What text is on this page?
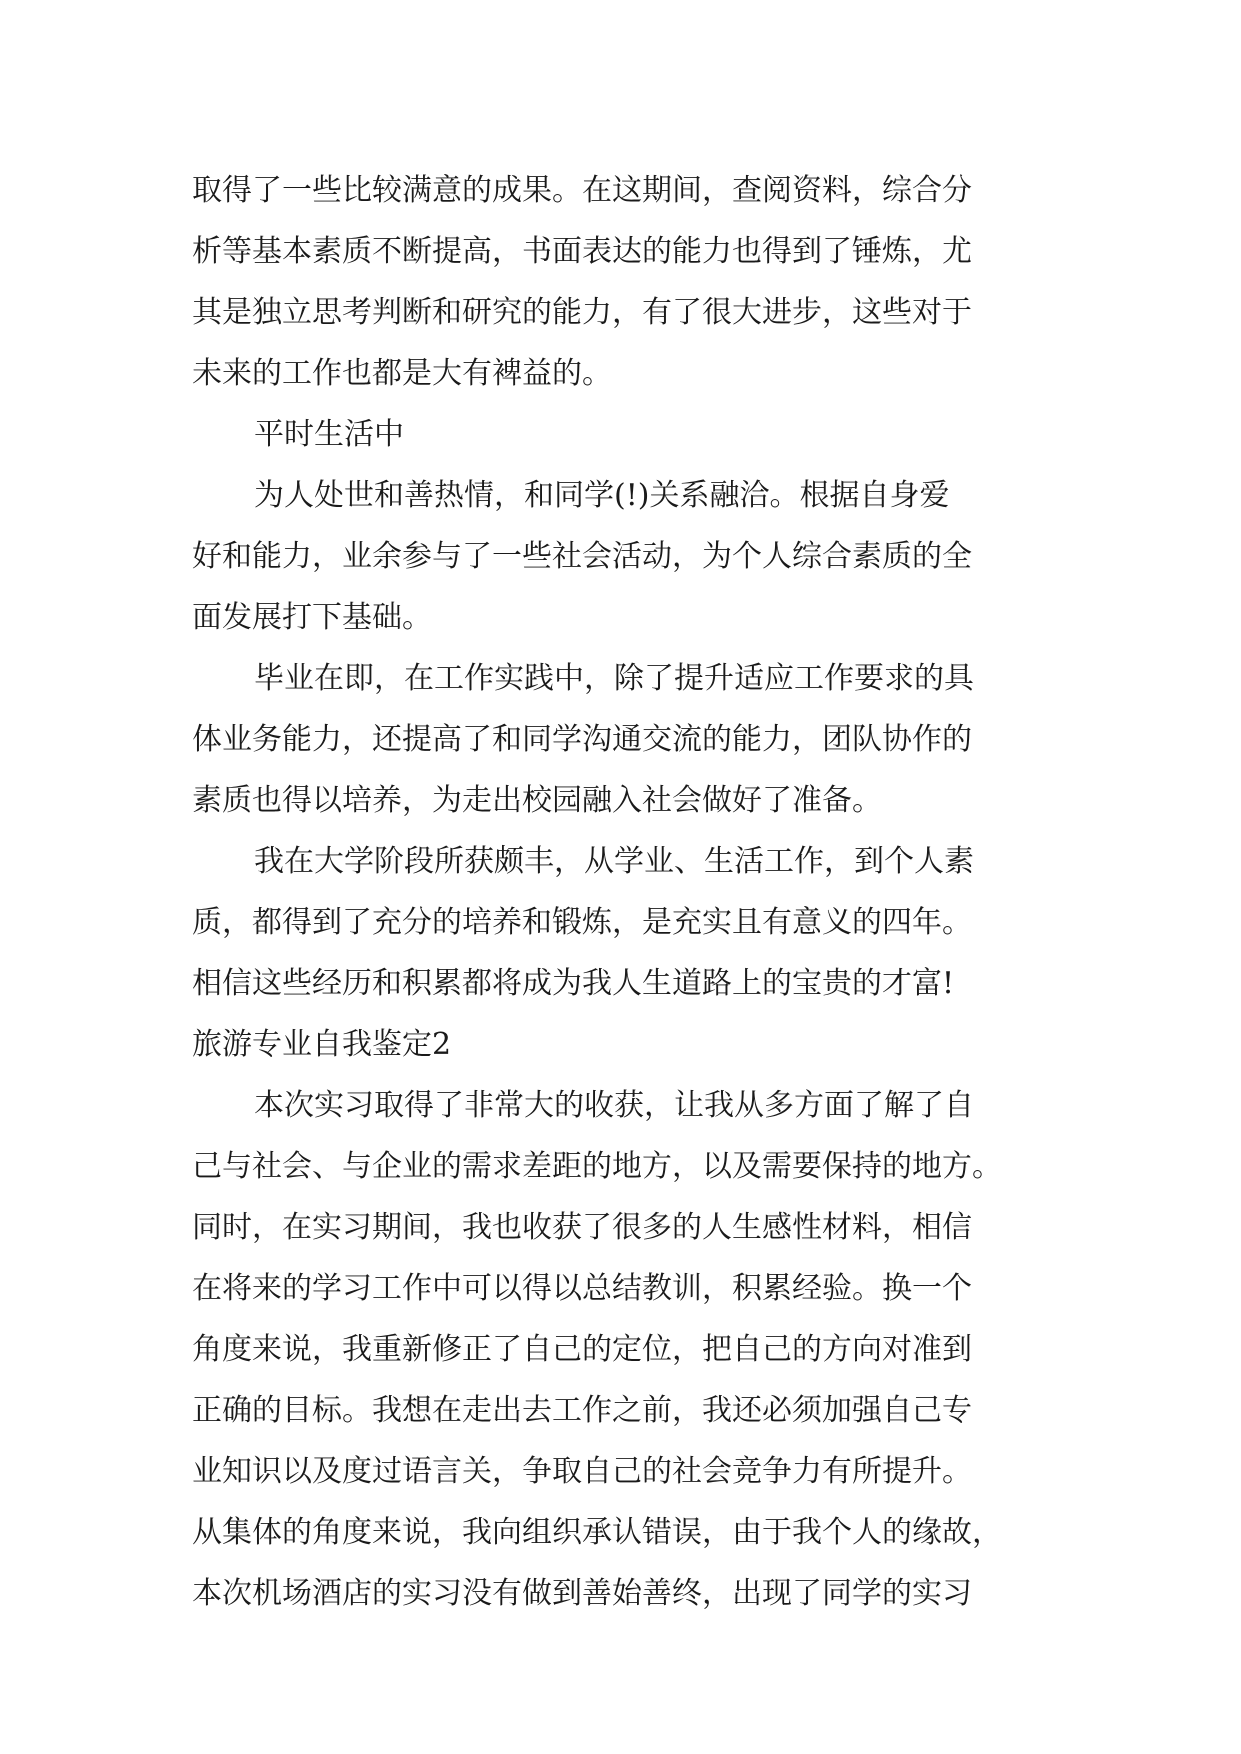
取得了一些比较满意的成果。在这期间，查阅资料，综合分
析等基本素质不断提高，书面表达的能力也得到了锤炼，尤
其是独立思考判断和研究的能力，有了很大进步，这些对于
未来的工作也都是大有裨益的。
平时生活中
为人处世和善热情，和同学(!)关系融洽。根据自身爱
好和能力，业余参与了一些社会活动，为个人综合素质的全
面发展打下基础。
毕业在即，在工作实践中，除了提升适应工作要求的具
体业务能力，还提高了和同学沟通交流的能力，团队协作的
素质也得以培养，为走出校园融入社会做好了准备。
我在大学阶段所获颇丰，从学业、生活工作，到个人素
质，都得到了充分的培养和锻炼，是充实且有意义的四年。
相信这些经历和积累都将成为我人生道路上的宝贵的才富!
旅游专业自我鉴定2
本次实习取得了非常大的收获，让我从多方面了解了自
己与社会、与企业的需求差距的地方，以及需要保持的地方。
同时，在实习期间，我也收获了很多的人生感性材料，相信
在将来的学习工作中可以得以总结教训，积累经验。换一个
角度来说，我重新修正了自己的定位，把自己的方向对准到
正确的目标。我想在走出去工作之前，我还必须加强自己专
业知识以及度过语言关，争取自己的社会竞争力有所提升。
从集体的角度来说，我向组织承认错误，由于我个人的缘故，
本次机场酒店的实习没有做到善始善终，出现了同学的实习
